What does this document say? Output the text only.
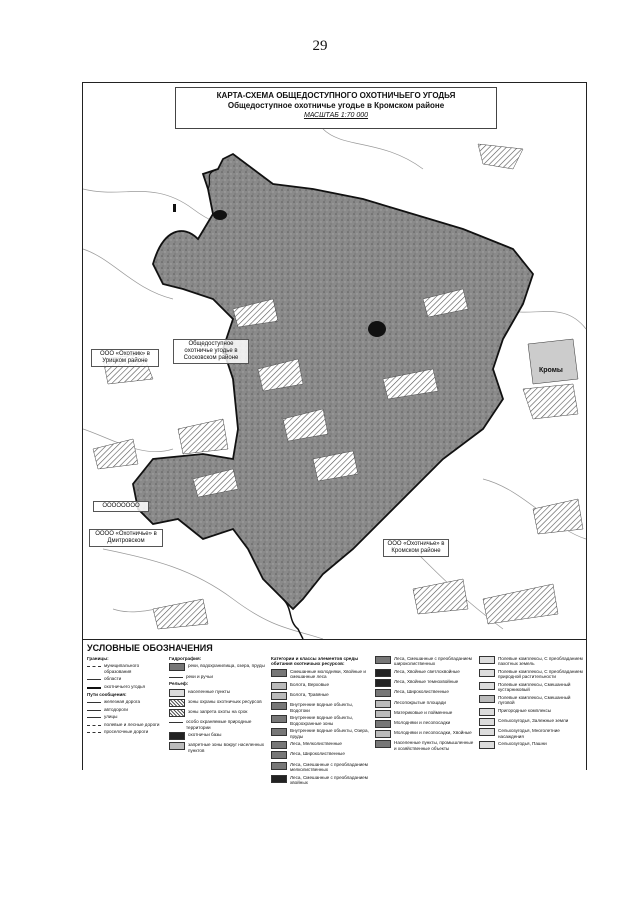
29
Общедоступное охотничье угодье в Сосковском районе
ООО «Охотник» в Урицком районе
ОООО «Охотничье» в Дмитровском	ООО «Охотничье» в Кромском районе
ОООООООО
Кромы
КАРТА-СХЕМА ОБЩЕДОСТУПНОГО ОХОТНИЧЬЕГО УГОДЬЯ
Общедоступное охотничье угодье в Кромском районе
МАСШТАБ 1:70 000
УСЛОВНЫЕ ОБОЗНАЧЕНИЯ
Границы:
муниципального образования
области
охотничьего угодья
Пути сообщения:
железная дорога
автодороги
улицы
полевые и лесные дороги
проселочные дороги
Гидрография:
реки, водохранилища, озера, пруды
реки и ручьи
Рельеф:
населенные пункты
зоны охраны охотничьих ресурсов
зоны запрета охоты на срок
особо охраняемые природные территории
охотничьи базы
запретные зоны вокруг населенных пунктов
Категории и классы элементов среды обитания охотничьих ресурсов:
Смешанные молодняки, Хвойные и смешанные леса
Болота, Верховые
Болота, Травяные
Внутренние водные объекты, Водотоки
Внутренние водные объекты, Водоохранные зоны
Внутренние водные объекты, Озера, пруды
Леса, Мелколиственные
Леса, Широколиственные
Леса, Смешанные с преобладанием мелколиственных
Леса, Смешанные с преобладанием хвойных
Леса, Смешанные с преобладанием широколиственных
Леса, Хвойные светлохвойные
Леса, Хвойные темнохвойные
Леса, Широколиственные
Лесопокрытые площади
Материковые и пойменные
Молодняки и лесопосадки
Молодняки и лесопосадки, Хвойные
Населенные пункты, промышленные и хозяйственные объекты
Полевые комплексы, С преобладанием пахотных земель
Полевые комплексы, С преобладанием природной растительности
Полевые комплексы, Смешанный кустарниковый
Полевые комплексы, Смешанный луговой
Пригородные комплексы
Сельхозугодья, Залежные земли
Сельхозугодья, Многолетние насаждения
Сельхозугодья, Пашни
